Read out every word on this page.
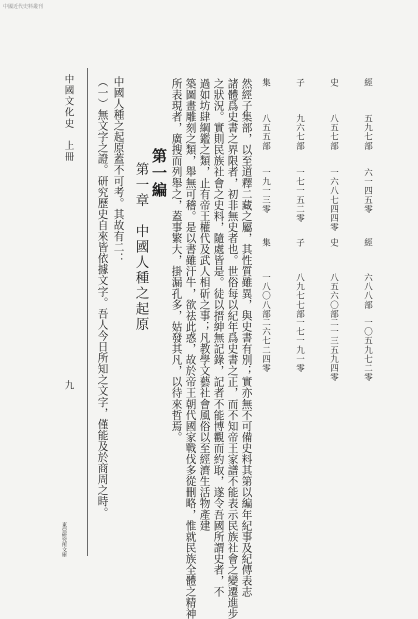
中國近代史料叢刊
經
五九七部
六一四五零
經
六八八部
一〇五九七二零
史
八五七部
一六八七四四零
史
八五六〇部
二一三五九四零
子
九六七部
一七一五二零
子
八九七七部
一七一九一零
集
八五五部
一九一三零
集
一八〇八部
二六七二四零
然經子集部，以至道釋二藏之屬，其性質雖異，與史書有別；實亦無不可備史料其第以編年紀事及紀傳表志
諸體爲史書之界限者，初非無史者也。世俗每以紀年爲史書之正，而不知帝王家譜不能表示民族社會之變遷進步
之狀況。實則民族社會之史料，隨處皆是。徒以搢紳無記錄，記者不能博觀而約取，遂令吾國所謂史者，不
過如坊肆綱鑑之類，止有帝王權代及武人相斫之事；凡教學文藝社會風俗以至經濟生活物產建
築圖畫雕刻之類，舉無可稽。是以書雖汗牛，欲祛此惑，故於帝王朝代國家戰伐多從刪略，惟就民族全體之精神
所表現者，廣搜而列舉之，蓋事繁大，掛漏孔多，姑發其凡，以待來哲焉。
第一編
第一章　中國人種之起原
中國人種之起原蓋不可考。其故有二：
（一）無文字之證。研究歷史自來皆依據文字。吾人今日所知之文字，僅能及於商周之時。
中國文化史　上冊
九
東亞研究所文庫
